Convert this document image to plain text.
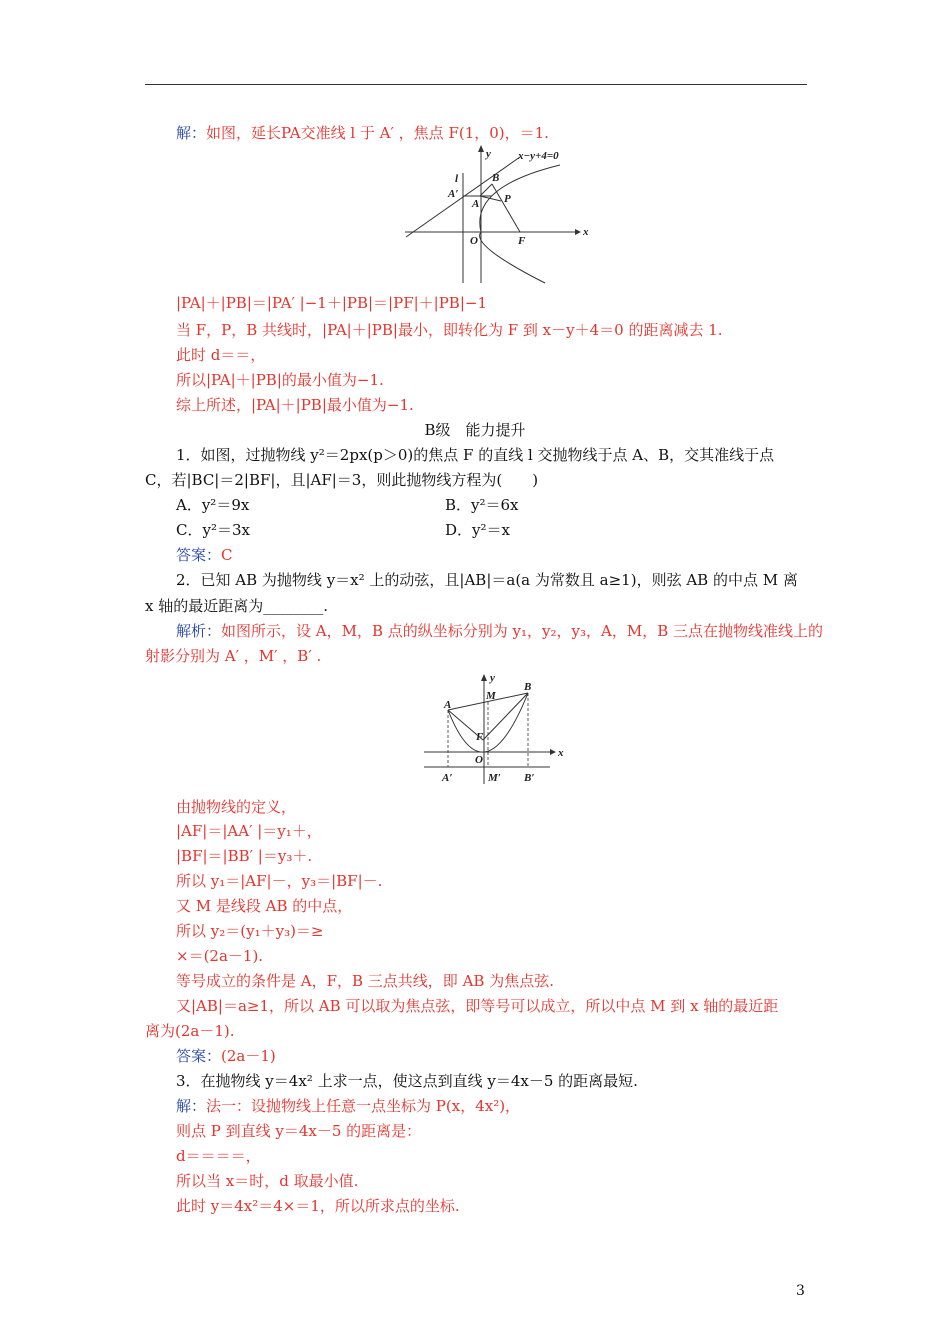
解：如图，延长PA交准线 l 于 A′ ，焦点 F(1，0)，＝1.
x−y+4=0
l
y
x
A′
A
B
P
O	F
|PA|＋|PB|＝|PA′ |−1＋|PB|＝|PF|＋|PB|−1
当 F，P，B 共线时，|PA|＋|PB|最小，即转化为 F 到 x－y＋4＝0 的距离减去 1.
此时 d＝＝，
所以|PA|＋|PB|的最小值为−1.
综上所述，|PA|＋|PB|最小值为−1.
B级　能力提升
1．如图，过抛物线 y²＝2px(p＞0)的焦点 F 的直线 l 交抛物线于点 A、B，交其准线于点
C，若|BC|＝2|BF|，且|AF|＝3，则此抛物线方程为(　　)
A．y²＝9x	B．y²＝6x
C．y²＝3x	D．y²＝x
答案：C
2．已知 AB 为抛物线 y＝x² 上的动弦，且|AB|＝a(a 为常数且 a≥1)，则弦 AB 的中点 M 离
x 轴的最近距离为________.
解析：如图所示，设 A，M，B 点的纵坐标分别为 y₁，y₂，y₃，A，M，B 三点在抛物线准线上的
射影分别为 A′ ，M′ ，B′ .
y
x
A
M
B
F
O
A′	M′ B′
由抛物线的定义，
|AF|＝|AA′ |＝y₁＋，
|BF|＝|BB′ |＝y₃＋.
所以 y₁＝|AF|－，y₃＝|BF|－.
又 M 是线段 AB 的中点，
所以 y₂＝(y₁＋y₃)＝≥
×＝(2a－1).
等号成立的条件是 A，F，B 三点共线，即 AB 为焦点弦.
又|AB|＝a≥1，所以 AB 可以取为焦点弦，即等号可以成立，所以中点 M 到 x 轴的最近距
离为(2a－1).
答案：(2a－1)
3．在抛物线 y＝4x² 上求一点，使这点到直线 y＝4x－5 的距离最短.
解：法一：设抛物线上任意一点坐标为 P(x，4x²)，
则点 P 到直线 y＝4x－5 的距离是：
d＝＝＝＝，
所以当 x＝时，d 取最小值.
此时 y＝4x²＝4×＝1，所以所求点的坐标.
3
